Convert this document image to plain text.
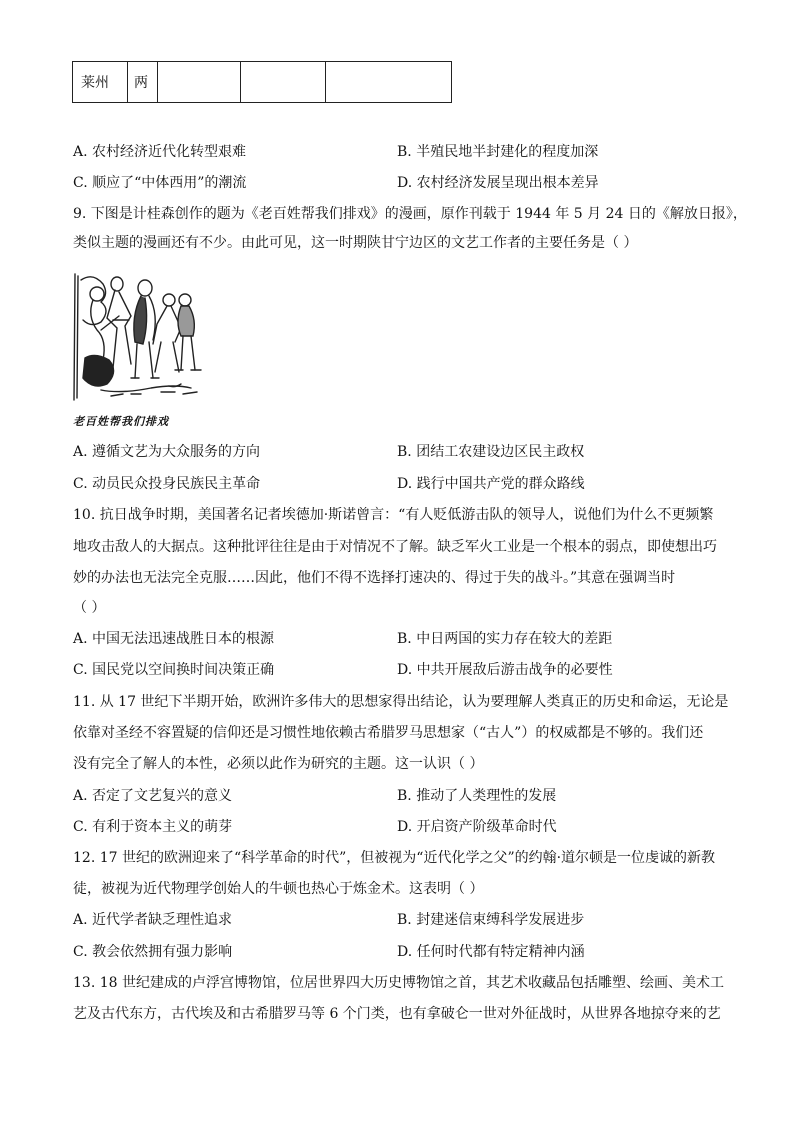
莱州	两			
A. 农村经济近代化转型艰难	B. 半殖民地半封建化的程度加深
C. 顺应了“中体西用”的潮流	D. 农村经济发展呈现出根本差异
9. 下图是计桂森创作的题为《老百姓帮我们排戏》的漫画，原作刊载于 1944 年 5 月 24 日的《解放日报》，
类似主题的漫画还有不少。由此可见，这一时期陕甘宁边区的文艺工作者的主要任务是（ ）
老百姓帮我们排戏
A. 遵循文艺为大众服务的方向	B. 团结工农建设边区民主政权
C. 动员民众投身民族民主革命	D. 践行中国共产党的群众路线
10. 抗日战争时期，美国著名记者埃德加·斯诺曾言：“有人贬低游击队的领导人，说他们为什么不更频繁
地攻击敌人的大据点。这种批评往往是由于对情况不了解。缺乏军火工业是一个根本的弱点，即使想出巧
妙的办法也无法完全克服……因此，他们不得不选择打速决的、得过于失的战斗。”其意在强调当时
（ ）
A. 中国无法迅速战胜日本的根源	B. 中日两国的实力存在较大的差距
C. 国民党以空间换时间决策正确	D. 中共开展敌后游击战争的必要性
11. 从 17 世纪下半期开始，欧洲许多伟大的思想家得出结论，认为要理解人类真正的历史和命运，无论是
依靠对圣经不容置疑的信仰还是习惯性地依赖古希腊罗马思想家（“古人”）的权威都是不够的。我们还
没有完全了解人的本性，必须以此作为研究的主题。这一认识（ ）
A. 否定了文艺复兴的意义	B. 推动了人类理性的发展
C. 有利于资本主义的萌芽	D. 开启资产阶级革命时代
12. 17 世纪的欧洲迎来了“科学革命的时代”，但被视为“近代化学之父”的约翰·道尔顿是一位虔诚的新教
徒，被视为近代物理学创始人的牛顿也热心于炼金术。这表明（ ）
A. 近代学者缺乏理性追求	B. 封建迷信束缚科学发展进步
C. 教会依然拥有强力影响	D. 任何时代都有特定精神内涵
13. 18 世纪建成的卢浮宫博物馆，位居世界四大历史博物馆之首，其艺术收藏品包括雕塑、绘画、美术工
艺及古代东方，古代埃及和古希腊罗马等 6 个门类，也有拿破仑一世对外征战时，从世界各地掠夺来的艺
